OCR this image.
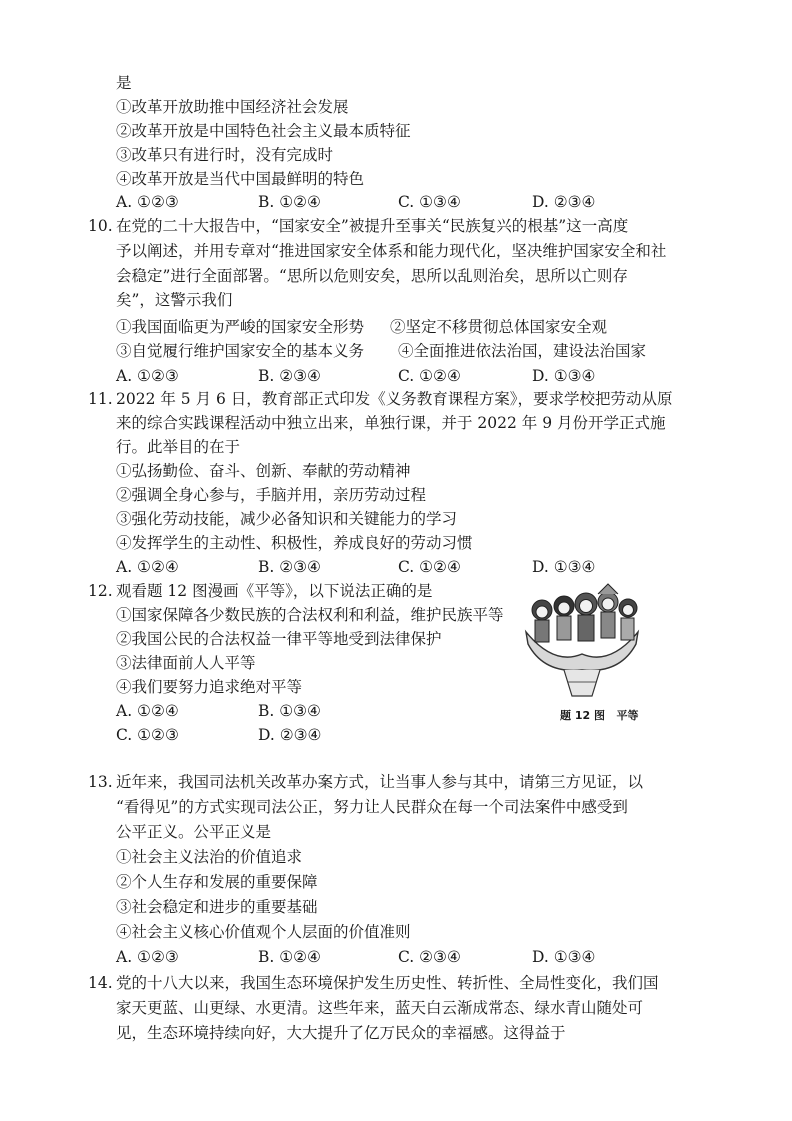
是
①改革开放助推中国经济社会发展
②改革开放是中国特色社会主义最本质特征
③改革只有进行时，没有完成时
④改革开放是当代中国最鲜明的特色
A. ①②③	B. ①②④	C. ①③④	D. ②③④
10. 在党的二十大报告中，“国家安全”被提升至事关“民族复兴的根基”这一高度
予以阐述，并用专章对“推进国家安全体系和能力现代化，坚决维护国家安全和社
会稳定”进行全面部署。“思所以危则安矣，思所以乱则治矣，思所以亡则存
矣”，这警示我们
①我国面临更为严峻的国家安全形势 ②坚定不移贯彻总体国家安全观
③自觉履行维护国家安全的基本义务 ④全面推进依法治国，建设法治国家
A. ①②③	B. ②③④	C. ①②④	D. ①③④
11. 2022 年 5 月 6 日，教育部正式印发《义务教育课程方案》，要求学校把劳动从原
来的综合实践课程活动中独立出来，单独行课，并于 2022 年 9 月份开学正式施
行。此举目的在于
①弘扬勤俭、奋斗、创新、奉献的劳动精神
②强调全身心参与，手脑并用，亲历劳动过程
③强化劳动技能，减少必备知识和关键能力的学习
④发挥学生的主动性、积极性，养成良好的劳动习惯
A. ①②④	B. ②③④	C. ①②④	D. ①③④
12. 观看题 12 图漫画《平等》，以下说法正确的是
①国家保障各少数民族的合法权利和利益，维护民族平等
②我国公民的合法权益一律平等地受到法律保护
③法律面前人人平等
④我们要努力追求绝对平等
A. ①②④	B. ①③④
C. ①②③	D. ②③④
题 12 图   平等
13. 近年来，我国司法机关改革办案方式，让当事人参与其中，请第三方见证，以
“看得见”的方式实现司法公正，努力让人民群众在每一个司法案件中感受到
公平正义。公平正义是
①社会主义法治的价值追求
②个人生存和发展的重要保障
③社会稳定和进步的重要基础
④社会主义核心价值观个人层面的价值准则
A. ①②③	B. ①②④	C. ②③④	D. ①③④
14. 党的十八大以来，我国生态环境保护发生历史性、转折性、全局性变化，我们国
家天更蓝、山更绿、水更清。这些年来，蓝天白云渐成常态、绿水青山随处可
见，生态环境持续向好，大大提升了亿万民众的幸福感。这得益于
